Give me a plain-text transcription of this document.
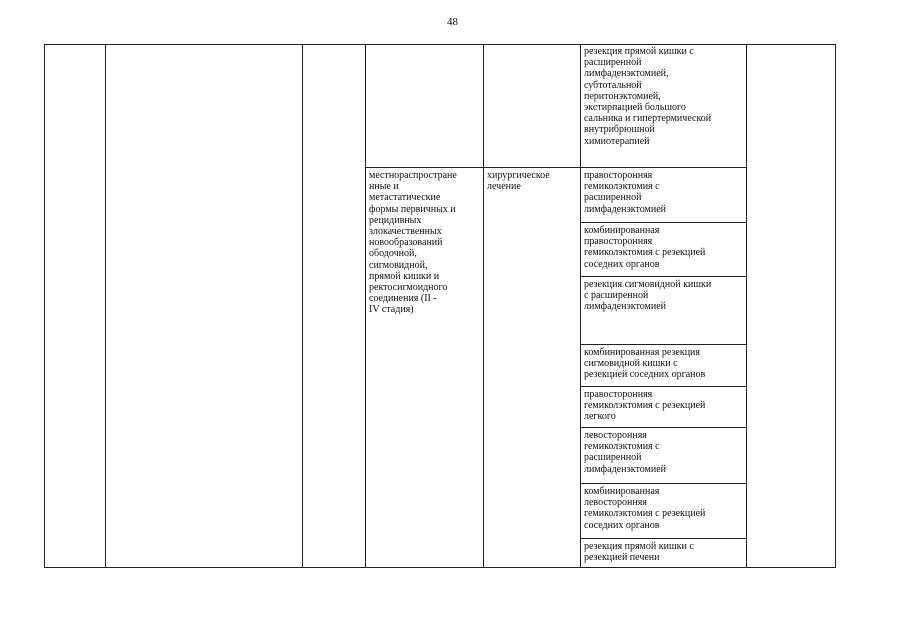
48
местнораспростране
нные и
метастатические
формы первичных и
рецидивных
злокачественных
новообразований
ободочной,
сигмовидной,
прямой кишки и
ректосигмоидного
соединения (II -
IV стадия)
хирургическое
лечение
резекция прямой кишки с
расширенной
лимфаденэктомией,
субтотальной
перитонэктомией,
экстирпацией большого
сальника и гипертермической
внутрибрюшной
химиотерапией
правосторонняя
гемиколэктомия с
расширенной
лимфаденэктомией
комбинированная
правосторонняя
гемиколэктомия с резекцией
соседних органов
резекция сигмовидной кишки
с расширенной
лимфаденэктомией
комбинированная резекция
сигмовидной кишки с
резекцией соседних органов
правосторонняя
гемиколэктомия с резекцией
легкого
левосторонняя
гемиколэктомия с
расширенной
лимфаденэктомией
комбинированная
левосторонняя
гемиколэктомия с резекцией
соседних органов
резекция прямой кишки с
резекцией печени
